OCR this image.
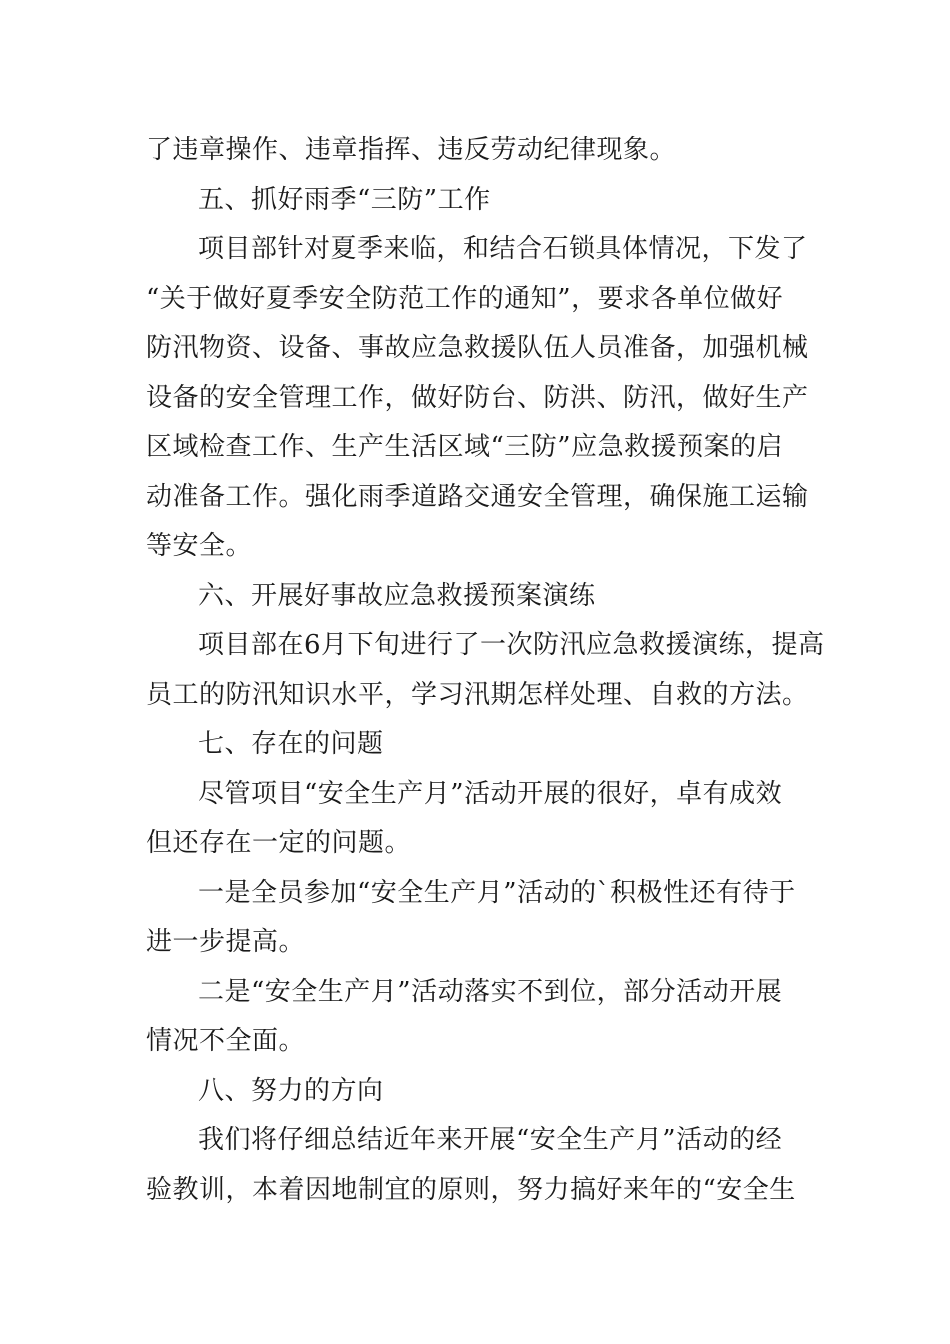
了违章操作、违章指挥、违反劳动纪律现象。
五、抓好雨季“三防”工作
项目部针对夏季来临，和结合石锁具体情况，下发了
“关于做好夏季安全防范工作的通知”，要求各单位做好
防汛物资、设备、事故应急救援队伍人员准备，加强机械
设备的安全管理工作，做好防台、防洪、防汛，做好生产
区域检查工作、生产生活区域“三防”应急救援预案的启
动准备工作。强化雨季道路交通安全管理，确保施工运输
等安全。
六、开展好事故应急救援预案演练
项目部在6月下旬进行了一次防汛应急救援演练，提高
员工的防汛知识水平，学习汛期怎样处理、自救的方法。
七、存在的问题
尽管项目“安全生产月”活动开展的很好，卓有成效
但还存在一定的问题。
一是全员参加“安全生产月”活动的`积极性还有待于
进一步提高。
二是“安全生产月”活动落实不到位，部分活动开展
情况不全面。
八、努力的方向
我们将仔细总结近年来开展“安全生产月”活动的经
验教训，本着因地制宜的原则，努力搞好来年的“安全生
